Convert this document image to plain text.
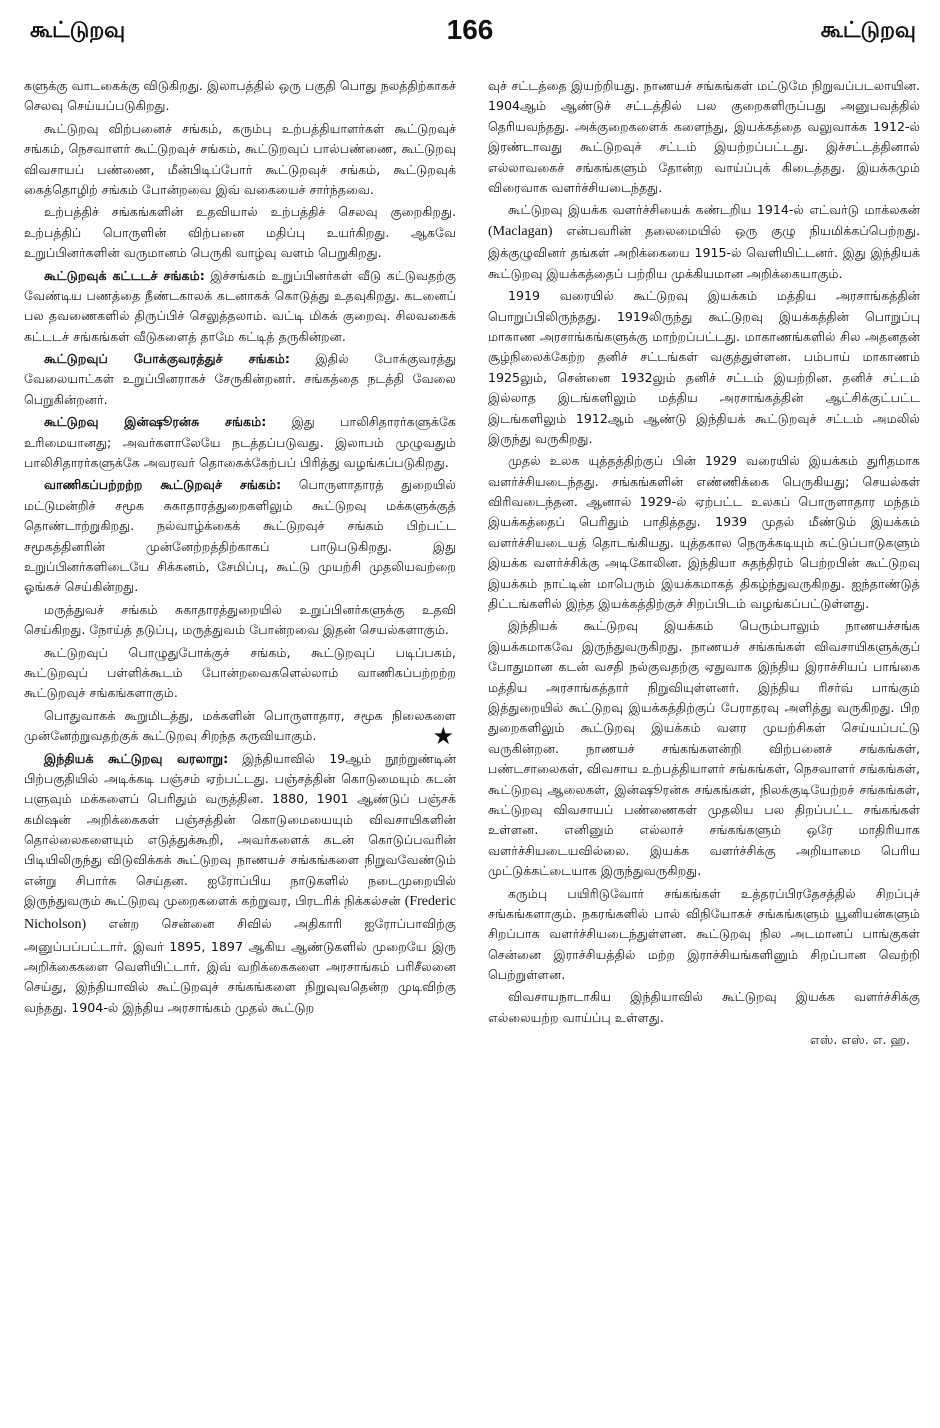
கூட்டுறவு	166	கூட்டுறவு

களுக்கு வாடகைக்கு விடுகிறது. இலாபத்தில் ஒரு பகுதி பொது நலத்திற்காகச் செலவு செய்யப்படுகிறது.

கூட்டுறவு விற்பனைச் சங்கம், கரும்பு உற்பத்தியாளர்கள் கூட்டுறவுச் சங்கம், நெசவாளர் கூட்டுறவுச் சங்கம், கூட்டுறவுப் பால்பண்ணை, கூட்டுறவு விவசாயப் பண்ணை, மீன்பிடிப்போர் கூட்டுறவுச் சங்கம், கூட்டுறவுக் கைத்தொழிற் சங்கம் போன்றவை இவ் வகையைச் சார்ந்தவை.

உற்பத்திச் சங்கங்களின் உதவியால் உற்பத்திச் செலவு குறைகிறது. உற்பத்திப் பொருளின் விற்பனை மதிப்பு உயர்கிறது. ஆகவே உறுப்பினர்களின் வருமானம் பெருகி வாழ்வு வளம் பெறுகிறது.

கூட்டுறவுக் கட்டடச் சங்கம்: இச்சங்கம் உறுப்பினர்கள் வீடு கட்டுவதற்கு வேண்டிய பணத்தை நீண்டகாலக் கடனாகக் கொடுத்து உதவுகிறது. கடனைப் பல தவணைகளில் திருப்பிச் செலுத்தலாம். வட்டி மிகக் குறைவு. சிலவகைக் கட்டடச் சங்கங்கள் வீடுகளைத் தாமே கட்டித் தருகின்றன.

கூட்டுறவுப் போக்குவரத்துச் சங்கம்: இதில் போக்குவரத்து வேலையாட்கள் உறுப்பினராகச் சேருகின்றனர். சங்கத்தை நடத்தி வேலை பெறுகின்றனர்.

கூட்டுறவு இன்ஷூரன்சு சங்கம்: இது பாலிசிதாரர்களுக்கே உரிமையானது; அவர்களாலேயே நடத்தப்படுவது. இலாபம் முழுவதும் பாலிசிதாரர்களுக்கே அவரவர் தொகைக்கேற்பப் பிரித்து வழங்கப்படுகிறது.

வாணிகப்பற்றற்ற கூட்டுறவுச் சங்கம்: பொருளாதாரத் துறையில் மட்டுமன்றிச் சமூக சுகாதாரத்துறைகளிலும் கூட்டுறவு மக்களுக்குத் தொண்டாற்றுகிறது. நல்வாழ்க்கைக் கூட்டுறவுச் சங்கம் பிற்பட்ட சமூகத்தினரின் முன்னேற்றத்திற்காகப் பாடுபடுகிறது. இது உறுப்பினர்களிடையே சிக்கனம், சேமிப்பு, கூட்டு முயற்சி முதலியவற்றை ஓங்கச் செய்கின்றது.

மருத்துவச் சங்கம் சுகாதாரத்துறையில் உறுப்பினர்களுக்கு உதவி செய்கிறது. நோய்த் தடுப்பு, மருத்துவம் போன்றவை இதன் செயல்களாகும்.

கூட்டுறவுப் பொழுதுபோக்குச் சங்கம், கூட்டுறவுப் படிப்பகம், கூட்டுறவுப் பள்ளிக்கூடம் போன்றவைகளெல்லாம் வாணிகப்பற்றற்ற கூட்டுறவுச் சங்கங்களாகும்.

பொதுவாகக் கூறுமிடத்து, மக்களின் பொருளாதார, சமூக நிலைகளை முன்னேற்றுவதற்குக் கூட்டுறவு சிறந்த கருவியாகும்.	★

இந்தியக் கூட்டுறவு வரலாறு: இந்தியாவில் 19ஆம் நூற்றுண்டின் பிற்பகுதியில் அடிக்கடி பஞ்சம் ஏற்பட்டது. பஞ்சத்தின் கொடுமையும் கடன் பளுவும் மக்களைப் பெரிதும் வருத்தின. 1880, 1901 ஆண்டுப் பஞ்சக் கமிஷன் அறிக்கைகள் பஞ்சத்தின் கொடுமையையும் விவசாயிகளின் தொல்லைகளையும் எடுத்துக்கூறி, அவர்களைக் கடன் கொடுப்பவரின் பிடியிலிருந்து விடுவிக்கக் கூட்டுறவு நாணயச் சங்கங்களை நிறுவவேண்டும் என்று சிபார்சு செய்தன. ஐரோப்பிய நாடுகளில் நடைமுறையில் இருந்துவரும் கூட்டுறவு முறைகளைக் கற்றுவர, பிரடரிக் நிக்கல்சன் (Frederic Nicholson) என்ற சென்னை சிவில் அதிகாரி ஐரோப்பாவிற்கு அனுப்பப்பட்டார். இவர் 1895, 1897 ஆகிய ஆண்டுகளில் முறையே இரு அறிக்கைகளை வெளியிட்டார். இவ் வறிக்கைகளை அரசாங்கம் பரிசீலனை செய்து, இந்தியாவில் கூட்டுறவுச் சங்கங்களை நிறுவுவதென்ற முடிவிற்கு வந்தது. 1904-ல் இந்திய அரசாங்கம் முதல் கூட்டுற

வுச் சட்டத்தை இயற்றியது. நாணயச் சங்கங்கள் மட்டுமே நிறுவப்படலாயின. 1904ஆம் ஆண்டுச் சட்டத்தில் பல குறைகளிருப்பது அனுபவத்தில் தெரியவந்தது. அக்குறைகளைக் களைந்து, இயக்கத்தை வலுவாக்க 1912-ல் இரண்டாவது கூட்டுறவுச் சட்டம் இயற்றப்பட்டது. இச்சட்டத்தினால் எல்லாவகைச் சங்கங்களும் தோன்ற வாய்ப்புக் கிடைத்தது. இயக்கமும் விரைவாக வளர்ச்சியடைந்தது.

கூட்டுறவு இயக்க வளர்ச்சியைக் கண்டறிய 1914-ல் எட்வர்டு மாக்லகன் (Maclagan) என்பவரின் தலைமையில் ஒரு குழு நியமிக்கப்பெற்றது. இக்குழுவினர் தங்கள் அறிக்கையை 1915-ல் வெளியிட்டனர். இது இந்தியக் கூட்டுறவு இயக்கத்தைப் பற்றிய முக்கியமான அறிக்கையாகும்.

1919 வரையில் கூட்டுறவு இயக்கம் மத்திய அரசாங்கத்தின் பொறுப்பிலிருந்தது. 1919லிருந்து கூட்டுறவு இயக்கத்தின் பொறுப்பு மாகாண அரசாங்கங்களுக்கு மாற்றப்பட்டது. மாகாணங்களில் சில அதனதன் சூழ்நிலைக்கேற்ற தனிச் சட்டங்கள் வகுத்துள்ளன. பம்பாய் மாகாணம் 1925லும், சென்னை 1932லும் தனிச் சட்டம் இயற்றின. தனிச் சட்டம் இல்லாத இடங்களிலும் மத்திய அரசாங்கத்தின் ஆட்சிக்குட்பட்ட இடங்களிலும் 1912ஆம் ஆண்டு இந்தியக் கூட்டுறவுச் சட்டம் அமலில் இருந்து வருகிறது.

முதல் உலக யுத்தத்திற்குப் பின் 1929 வரையில் இயக்கம் துரிதமாக வளர்ச்சியடைந்தது. சங்கங்களின் எண்ணிக்கை பெருகியது; செயல்கள் விரிவடைந்தன. ஆனால் 1929-ல் ஏற்பட்ட உலகப் பொருளாதார மந்தம் இயக்கத்தைப் பெரிதும் பாதித்தது. 1939 முதல் மீண்டும் இயக்கம் வளர்ச்சியடையத் தொடங்கியது. யுத்தகால நெருக்கடியும் கட்டுப்பாடுகளும் இயக்க வளர்ச்சிக்கு அடிகோலின. இந்தியா சுதந்திரம் பெற்றபின் கூட்டுறவு இயக்கம் நாட்டின் மாபெரும் இயக்கமாகத் திகழ்ந்துவருகிறது. ஐந்தாண்டுத் திட்டங்களில் இந்த இயக்கத்திற்குச் சிறப்பிடம் வழங்கப்பட்டுள்ளது.

இந்தியக் கூட்டுறவு இயக்கம் பெரும்பாலும் நாணயச்சங்க இயக்கமாகவே இருந்துவருகிறது. நாணயச் சங்கங்கள் விவசாயிகளுக்குப் போதுமான கடன் வசதி நல்குவதற்கு ஏதுவாக இந்திய இராச்சியப் பாங்கை மத்திய அரசாங்கத்தார் நிறுவியுள்ளனர். இந்திய ரிசர்வ் பாங்கும் இத்துறையில் கூட்டுறவு இயக்கத்திற்குப் பேராதரவு அளித்து வருகிறது. பிற துறைகளிலும் கூட்டுறவு இயக்கம் வளர முயற்சிகள் செய்யப்பட்டு வருகின்றன. நாணயச் சங்கங்களன்றி விற்பனைச் சங்கங்கள், பண்டசாலைகள், விவசாய உற்பத்தியாளர் சங்கங்கள், நெசவாளர் சங்கங்கள், கூட்டுறவு ஆலைகள், இன்ஷூரன்சு சங்கங்கள், நிலக்குடியேற்றச் சங்கங்கள், கூட்டுறவு விவசாயப் பண்ணைகள் முதலிய பல திறப்பட்ட சங்கங்கள் உள்ளன. எனினும் எல்லாச் சங்கங்களும் ஒரே மாதிரியாக வளர்ச்சியடையவில்லை. இயக்க வளர்ச்சிக்கு அறியாமை பெரிய முட்டுக்கட்டையாக இருந்துவருகிறது.

கரும்பு பயிரிடுவோர் சங்கங்கள் உத்தரப்பிரதேசத்தில் சிறப்புச் சங்கங்களாகும். நகரங்களில் பால் விநியோகச் சங்கங்களும் யூனியன்களும் சிறப்பாக வளர்ச்சியடைந்துள்ளன. கூட்டுறவு நில அடமானப் பாங்குகள் சென்னை இராச்சியத்தில் மற்ற இராச்சியங்களினும் சிறப்பான வெற்றி பெற்றுள்ளன.

விவசாயநாடாகிய இந்தியாவில் கூட்டுறவு இயக்க வளர்ச்சிக்கு எல்லையற்ற வாய்ப்பு உள்ளது.

எஸ். எஸ். எ. ஹ.
